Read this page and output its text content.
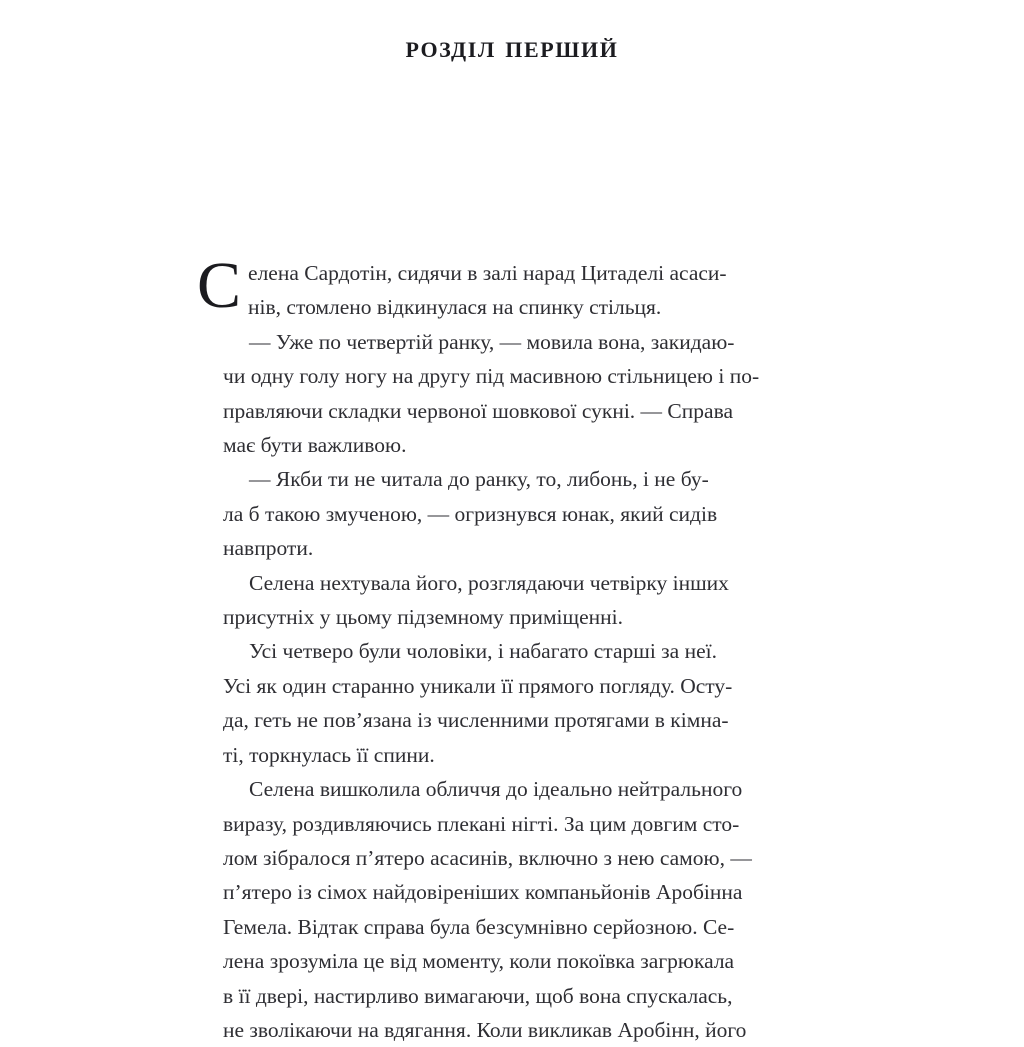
розділ перший

С елена Сардотін, сидячи в залі нарад Цитаделі асаси-
нів, стомлено відкинулася на спинку стільця.

— Уже по четвертій ранку, — мовила вона, закидаю-
чи одну голу ногу на другу під масивною стільницею і по-
правляючи складки червоної шовкової сукні. — Справа
має бути важливою.

— Якби ти не читала до ранку, то, либонь, і не бу-
ла б такою змученою, — огризнувся юнак, який сидів
навпроти.

Селена нехтувала його, розглядаючи четвірку інших
присутніх у цьому підземному приміщенні.

Усі четверо були чоловіки, і набагато старші за неї.
Усі як один старанно уникали її прямого погляду. Осту-
да, геть не пов’язана із численними протягами в кімна-
ті, торкнулась її спини.

Селена вишколила обличчя до ідеально нейтрального
виразу, роздивляючись плекані нігті. За цим довгим сто-
лом зібралося п’ятеро асасинів, включно з нею самою, —
п’ятеро із сімох найдовіреніших компаньйонів Аробінна
Гемела. Відтак справа була безсумнівно серйозною. Се-
лена зрозуміла це від моменту, коли покоївка загрюкала
в її двері, настирливо вимагаючи, щоб вона спускалась,
не зволікаючи на вдягання. Коли викликав Аробінн, його
